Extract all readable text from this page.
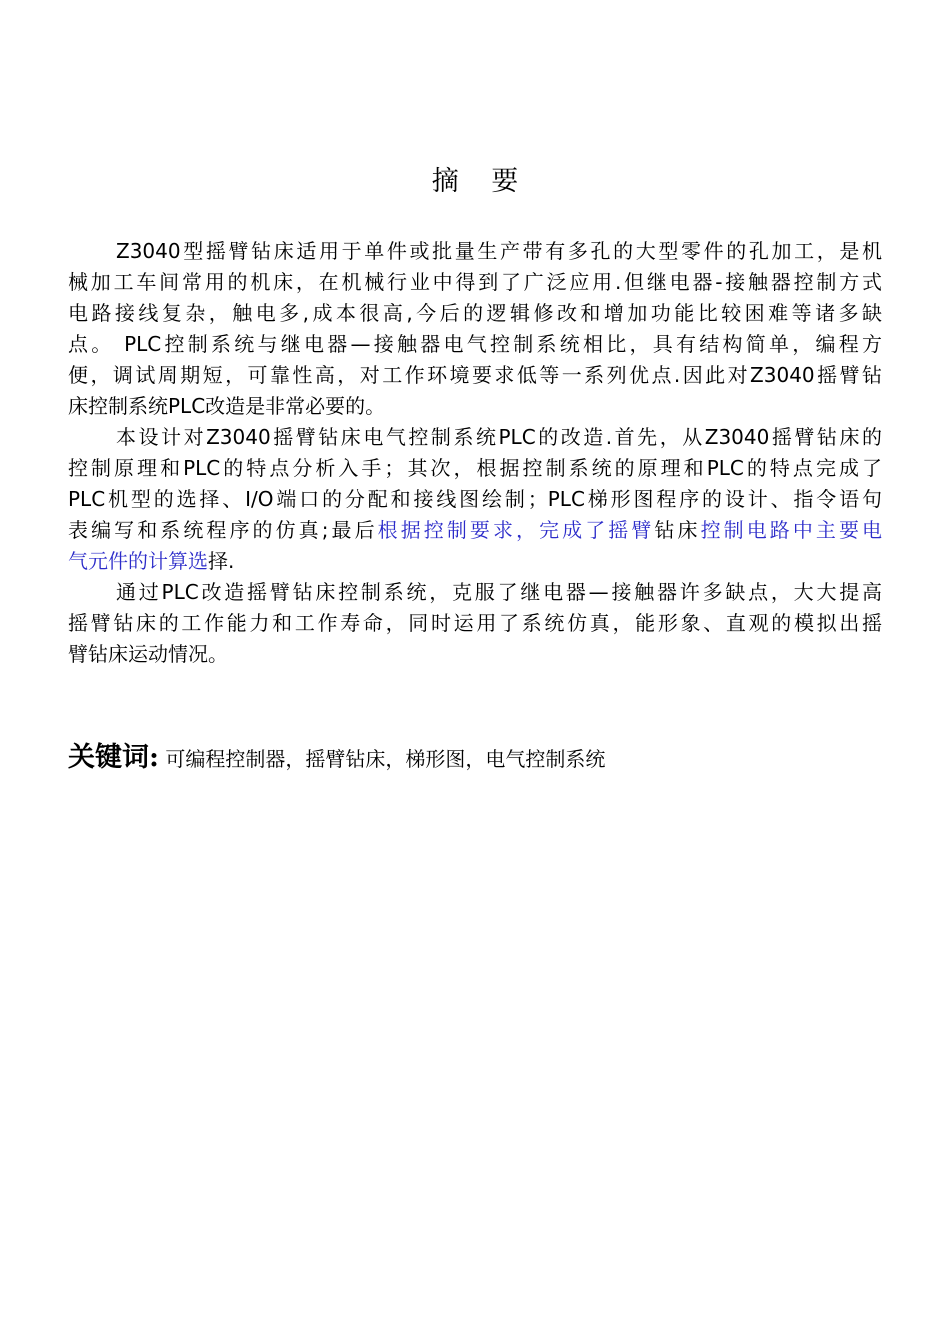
摘 要
Z3040型摇臂钻床适用于单件或批量生产带有多孔的大型零件的孔加工，是机
械加工车间常用的机床，在机械行业中得到了广泛应用.但继电器-接触器控制方式
电路接线复杂，触电多,成本很高,今后的逻辑修改和增加功能比较困难等诸多缺
点。 PLC控制系统与继电器—接触器电气控制系统相比，具有结构简单，编程方
便，调试周期短，可靠性高，对工作环境要求低等一系列优点.因此对Z3040摇臂钻
床控制系统PLC改造是非常必要的。
本设计对Z3040摇臂钻床电气控制系统PLC的改造.首先，从Z3040摇臂钻床的
控制原理和PLC的特点分析入手；其次，根据控制系统的原理和PLC的特点完成了
PLC机型的选择、I/O端口的分配和接线图绘制；PLC梯形图程序的设计、指令语句
表编写和系统程序的仿真;最后根据控制要求，完成了摇臂钻床控制电路中主要电
气元件的计算选择.
通过PLC改造摇臂钻床控制系统，克服了继电器—接触器许多缺点，大大提高
摇臂钻床的工作能力和工作寿命，同时运用了系统仿真，能形象、直观的模拟出摇
臂钻床运动情况。
关键词: 可编程控制器，摇臂钻床，梯形图，电气控制系统
